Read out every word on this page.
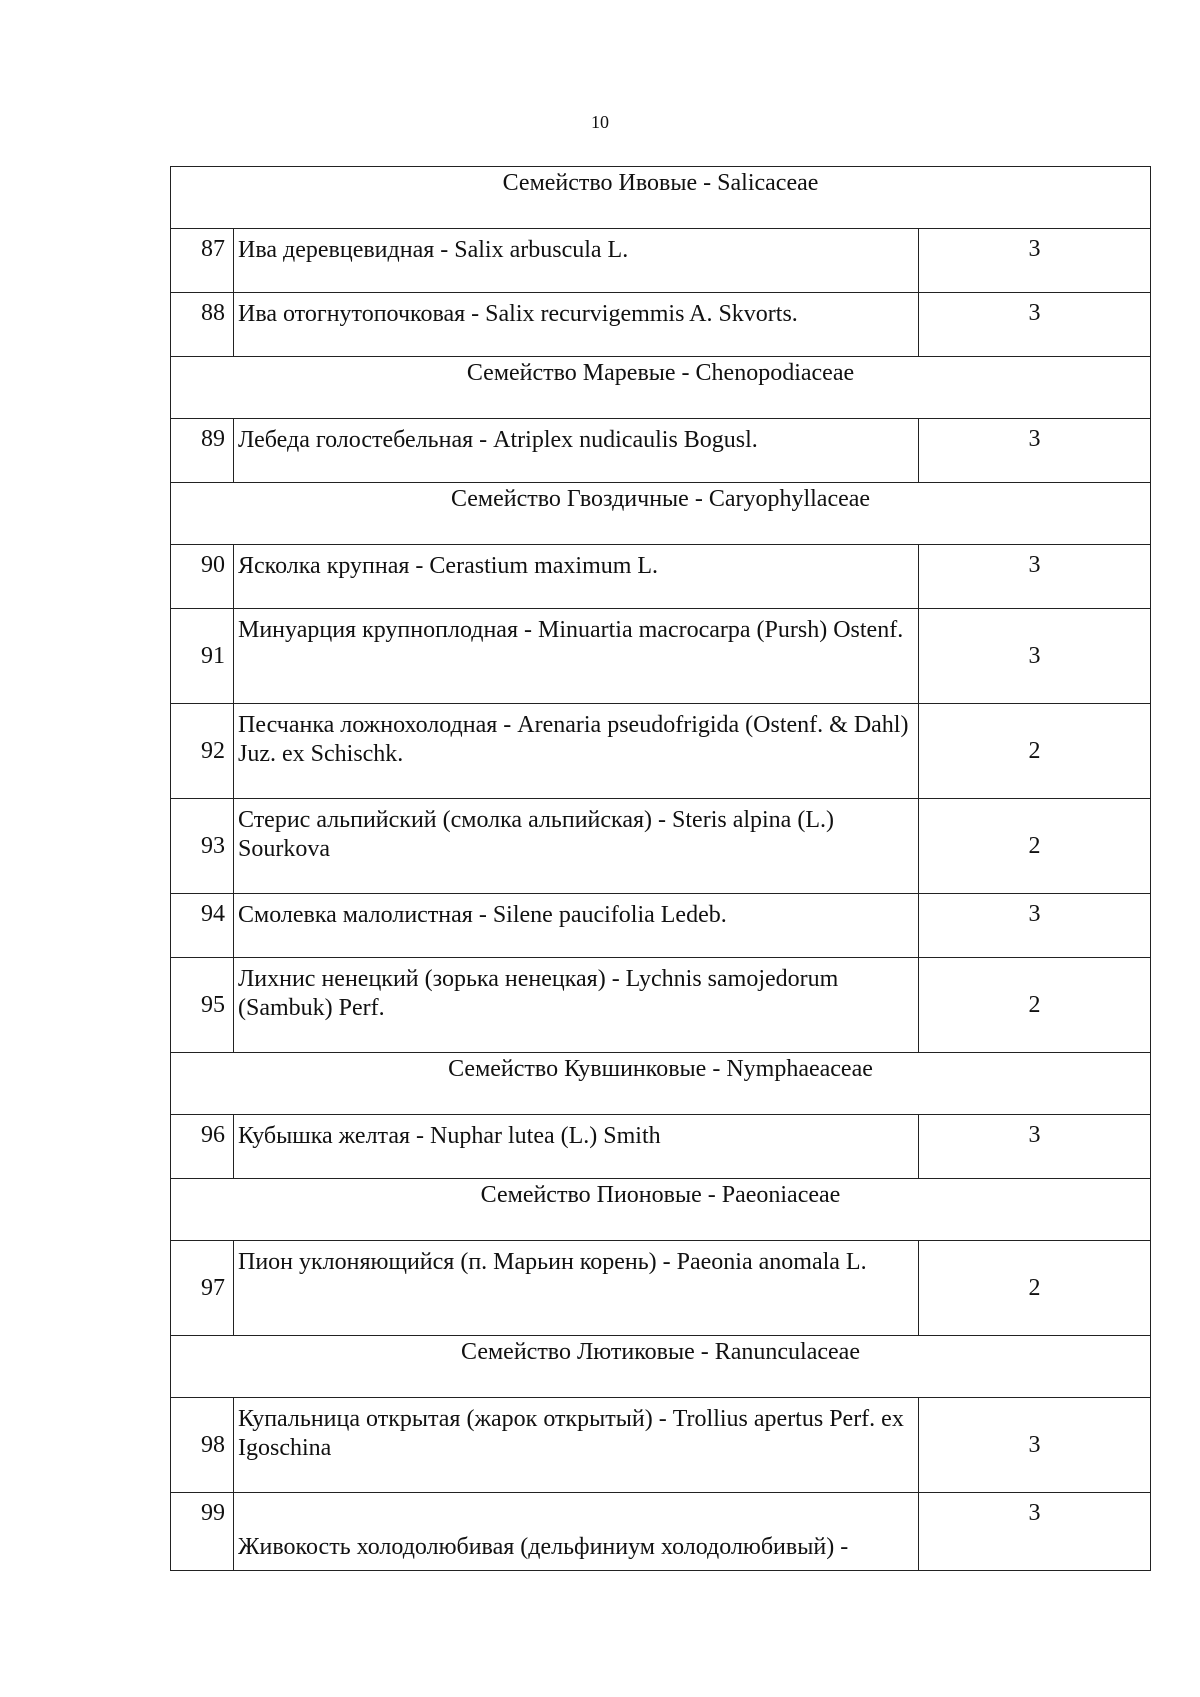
10
Семейство Ивовые - Salicaceae		
87	Ива деревцевидная - Salix arbuscula L.	3
88	Ива отогнутопочковая - Salix recurvigemmis A. Skvorts.	3
Семейство Маревые - Chenopodiaceae		
89	Лебеда голостебельная - Atriplex nudicaulis Bogusl.	3
Семейство Гвоздичные - Caryophyllaceae		
90	Ясколка крупная - Cerastium maximum L.	3
91	Минуарция крупноплодная - Minuartia macrocarpa (Pursh) Ostenf.	3
92	Песчанка ложнохолодная - Arenaria pseudofrigida (Ostenf. & Dahl) Juz. ex Schischk.	2
93	Стерис альпийский (смолка альпийская) - Steris alpina (L.) Sourkova	2
94	Смолевка малолистная - Silene paucifolia Ledeb.	3
95	Лихнис ненецкий (зорька ненецкая) - Lychnis samojedorum (Sambuk) Perf.	2
Семейство Кувшинковые - Nymphaeaceae		
96	Кубышка желтая - Nuphar lutea (L.) Smith	3
Семейство Пионовые - Paeoniaceae		
97	Пион уклоняющийся (п. Марьин корень) - Paeonia anomala L.	2
Семейство Лютиковые - Ranunculaceae		
98	Купальница открытая (жарок открытый) - Trollius apertus Perf. ex Igoschina	3
99	Живокость холодолюбивая (дельфиниум холодолюбивый) -	3
